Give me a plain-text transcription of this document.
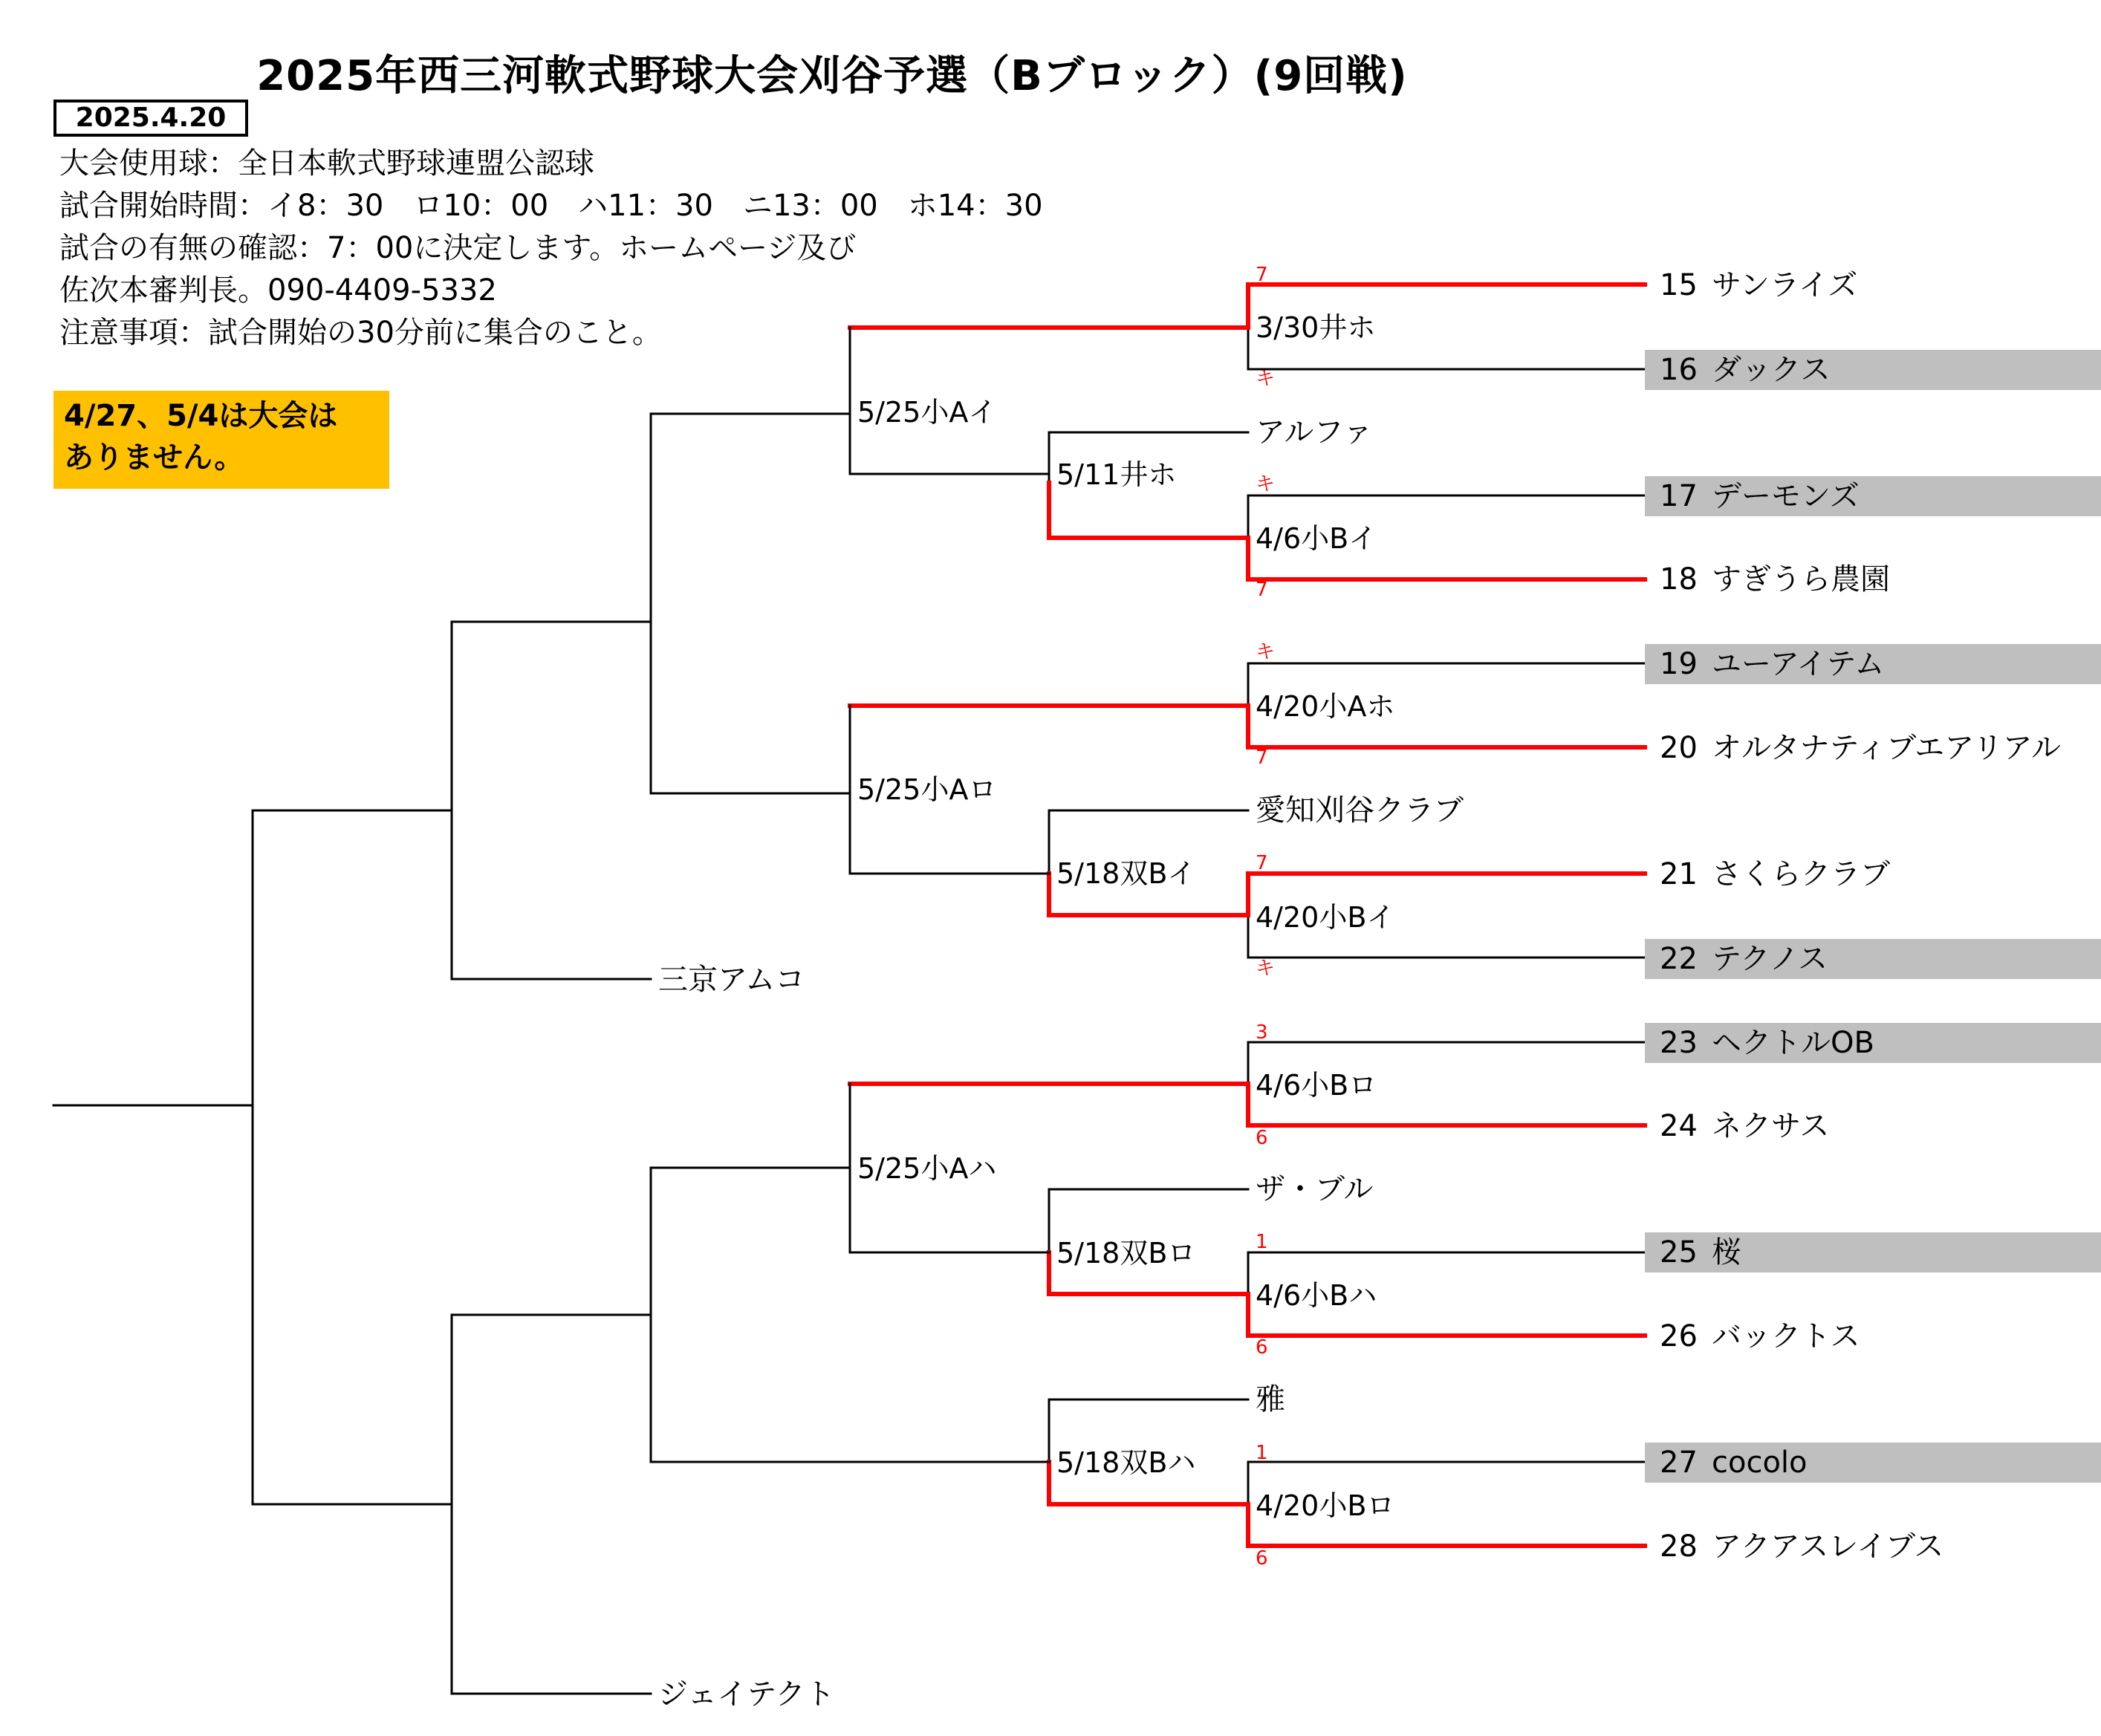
2025年西三河軟式野球大会刈谷予選（Bブロック）(9回戦)
2025.4.20
大会使用球：全日本軟式野球連盟公認球
試合開始時間：イ8：30　ロ10：00　ハ11：30　ニ13：00　ホ14：30
試合の有無の確認：7：00に決定します。ホームページ及び
佐次本審判長。090-4409-5332
注意事項：試合開始の30分前に集合のこと。
4/27、5/4は大会は
ありません。
15 サンライズ
16 ダックス
17 デーモンズ
18 すぎうら農園
19 ユーアイテム
20 オルタナティブエアリアル
21 さくらクラブ
22 テクノス
23 ヘクトルOB
24 ネクサス
25 桜
26 バックトス
27 cocolo
28 アクアスレイブス
アルファ
愛知刈谷クラブ
ザ・ブル
雅
三京アムコ
ジェイテクト
3/30井ホ
4/6小Bイ
4/20小Aホ
4/20小Bイ
4/6小Bロ
4/6小Bハ
4/20小Bロ
7
キ
キ
7
キ
7
7
キ
3
6
1
6
1
6
5/11井ホ
5/18双Bイ
5/18双Bロ
5/18双Bハ
5/25小Aイ
5/25小Aロ
5/25小Aハ
